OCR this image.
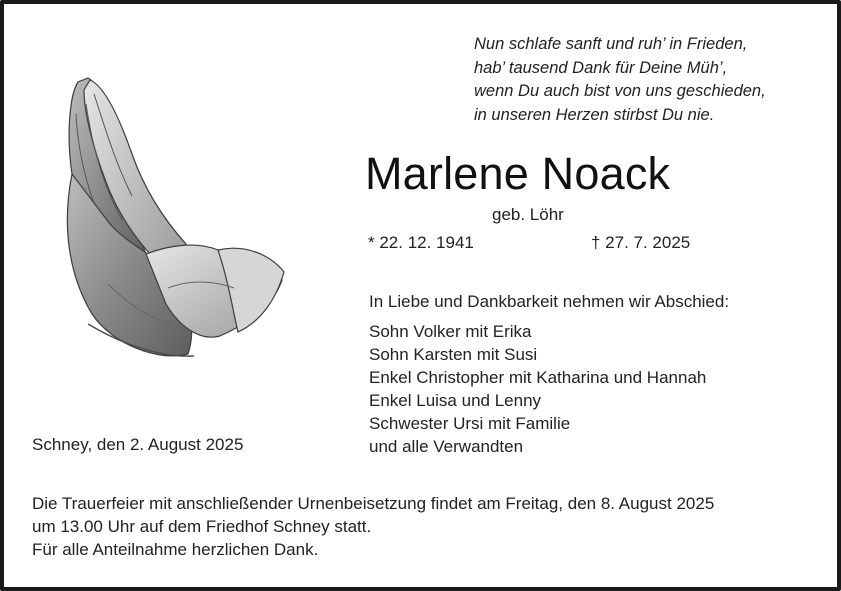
Nun schlafe sanft und ruh’ in Frieden,
hab’ tausend Dank für Deine Müh’,
wenn Du auch bist von uns geschieden,
in unseren Herzen stirbst Du nie.
Marlene Noack
geb. Löhr
* 22. 12. 1941	† 27. 7. 2025
In Liebe und Dankbarkeit nehmen wir Abschied:
Sohn Volker mit Erika
Sohn Karsten mit Susi
Enkel Christopher mit Katharina und Hannah
Enkel Luisa und Lenny
Schwester Ursi mit Familie
und alle Verwandten
Schney, den 2. August 2025
Die Trauerfeier mit anschließender Urnenbeisetzung findet am Freitag, den 8. August 2025
um 13.00 Uhr auf dem Friedhof Schney statt.
Für alle Anteilnahme herzlichen Dank.
